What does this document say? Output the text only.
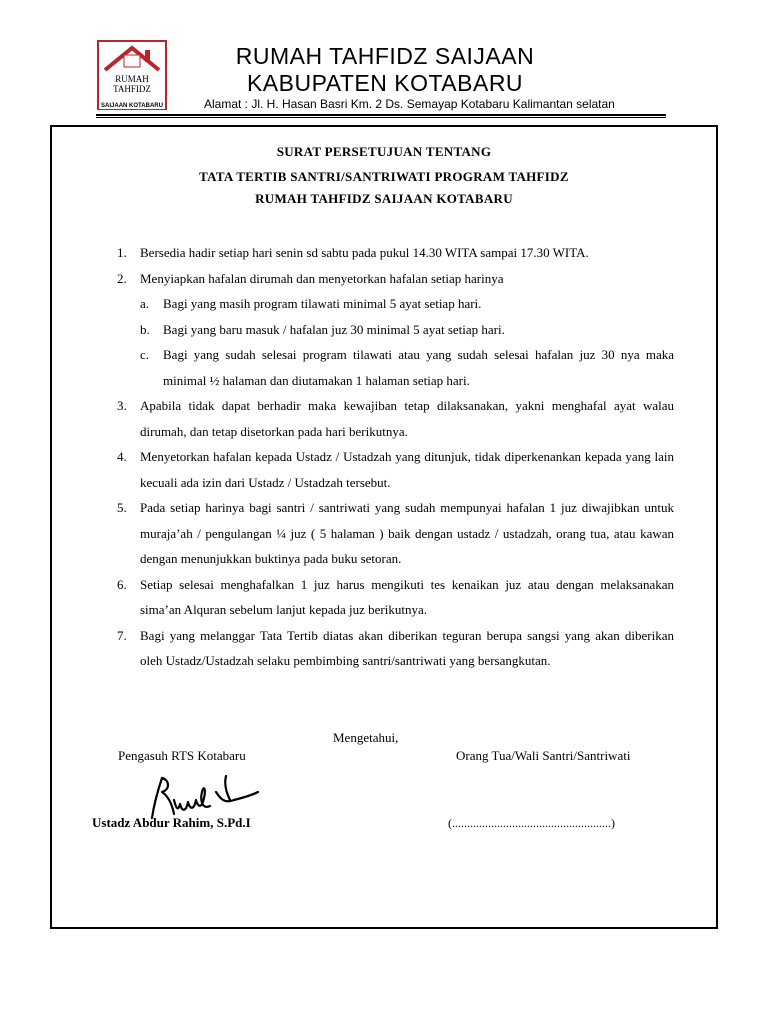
RUMAH
TAHFIDZ
SAIJAAN KOTABARU
RUMAH TAHFIDZ SAIJAAN
KABUPATEN KOTABARU
Alamat : Jl. H. Hasan Basri Km. 2 Ds. Semayap Kotabaru Kalimantan selatan
SURAT PERSETUJUAN TENTANG
TATA TERTIB SANTRI/SANTRIWATI PROGRAM TAHFIDZ
RUMAH TAHFIDZ SAIJAAN KOTABARU

1. Bersedia hadir setiap hari senin sd sabtu pada pukul 14.30 WITA sampai 17.30 WITA.

2. Menyiapkan hafalan dirumah dan menyetorkan hafalan setiap harinya

a.	Bagi yang masih program tilawati minimal 5 ayat setiap hari.
b.	Bagi yang baru masuk / hafalan juz 30 minimal 5 ayat setiap hari.
c.	Bagi yang sudah selesai program tilawati atau yang sudah selesai hafalan juz 30 nya maka minimal ½ halaman dan diutamakan 1 halaman setiap hari.

3. Apabila tidak dapat berhadir maka kewajiban tetap dilaksanakan, yakni menghafal ayat walau dirumah, dan tetap disetorkan pada hari berikutnya.

4. Menyetorkan hafalan kepada Ustadz / Ustadzah yang ditunjuk, tidak diperkenankan kepada yang lain kecuali ada izin dari Ustadz / Ustadzah tersebut.

5. Pada setiap harinya bagi santri / santriwati yang sudah mempunyai hafalan 1 juz diwajibkan untuk muraja’ah / pengulangan ¼ juz ( 5 halaman ) baik dengan ustadz / ustadzah, orang tua, atau kawan dengan menunjukkan buktinya pada buku setoran.

6. Setiap selesai menghafalkan 1 juz harus mengikuti tes kenaikan juz atau dengan melaksanakan sima’an Alquran sebelum lanjut kepada juz berikutnya.

7. Bagi yang melanggar Tata Tertib diatas akan diberikan teguran berupa sangsi yang akan diberikan oleh Ustadz/Ustadzah selaku pembimbing santri/santriwati yang bersangkutan.

Mengetahui,
Pengasuh RTS Kotabaru	Orang Tua/Wali Santri/Santriwati
Ustadz Abdur Rahim, S.Pd.I	(.....................................................)
